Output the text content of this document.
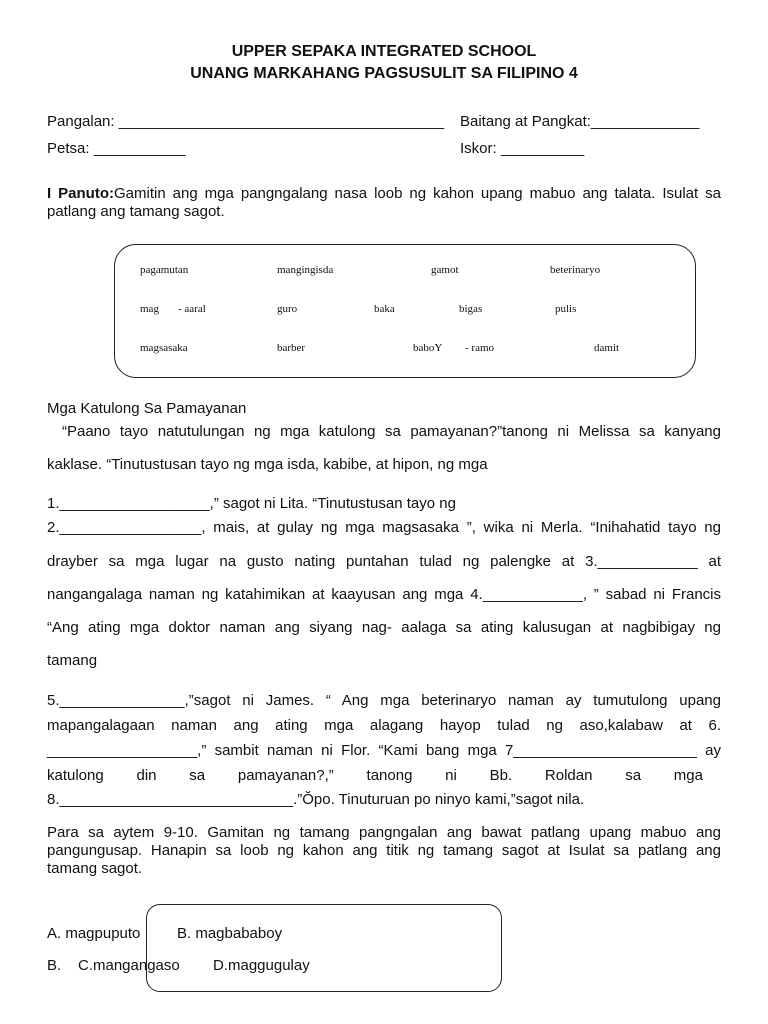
UPPER SEPAKA INTEGRATED SCHOOL
UNANG MARKAHANG PAGSUSULIT SA FILIPINO 4
Pangalan: _______________________________________ Baitang at Pangkat:_____________
Petsa: ___________	Iskor: __________
I Panuto:Gamitin ang mga pangngalang nasa loob ng kahon upang mabuo ang talata. Isulat sa
patlang ang tamang sagot.
pagamutan	mangingisda	gamot	beterinaryo
mag - aaral	guro	baka	bigas	pulis
magsasaka	barber	baboY - ramo	damit
Mga Katulong Sa Pamayanan
“Paano tayo natutulungan ng mga katulong sa pamayanan?”tanong ni Melissa sa kanyang
kaklase. “Tinutustusan tayo ng mga isda, kabibe, at hipon, ng mga
1.__________________,” sagot ni Lita. “Tinutustusan tayo ng
2._________________, mais, at gulay ng mga magsasaka ”, wika ni Merla. “Inihahatid tayo ng
drayber sa mga lugar na gusto nating puntahan tulad ng palengke at 3.____________ at
nangangalaga naman ng katahimikan at kaayusan ang mga 4.____________, ” sabad ni Francis
“Ang ating mga doktor naman ang siyang nag- aalaga sa ating kalusugan at nagbibigay ng
tamang
5._______________,”sagot ni James. “ Ang mga beterinaryo naman ay tumutulong upang
mapangalagaan naman ang ating mga alagang hayop tulad ng aso,kalabaw at 6.
__________________,” sambit naman ni Flor. “Kami bang mga 7______________________ ay
katulong din sa pamayanan?,” tanong ni Bb. Roldan sa mga
8.____________________________.”Ŏpo. Tinuturuan po ninyo kami,”sagot nila.
Para sa aytem 9-10. Gamitan ng tamang pangngalan ang bawat patlang upang mabuo ang
pangungusap. Hanapin sa loob ng kahon ang titik ng tamang sagot at Isulat sa patlang ang
tamang sagot.
A. magpuputo B. magbababoy
B. C.mangangaso D.maggugulay
